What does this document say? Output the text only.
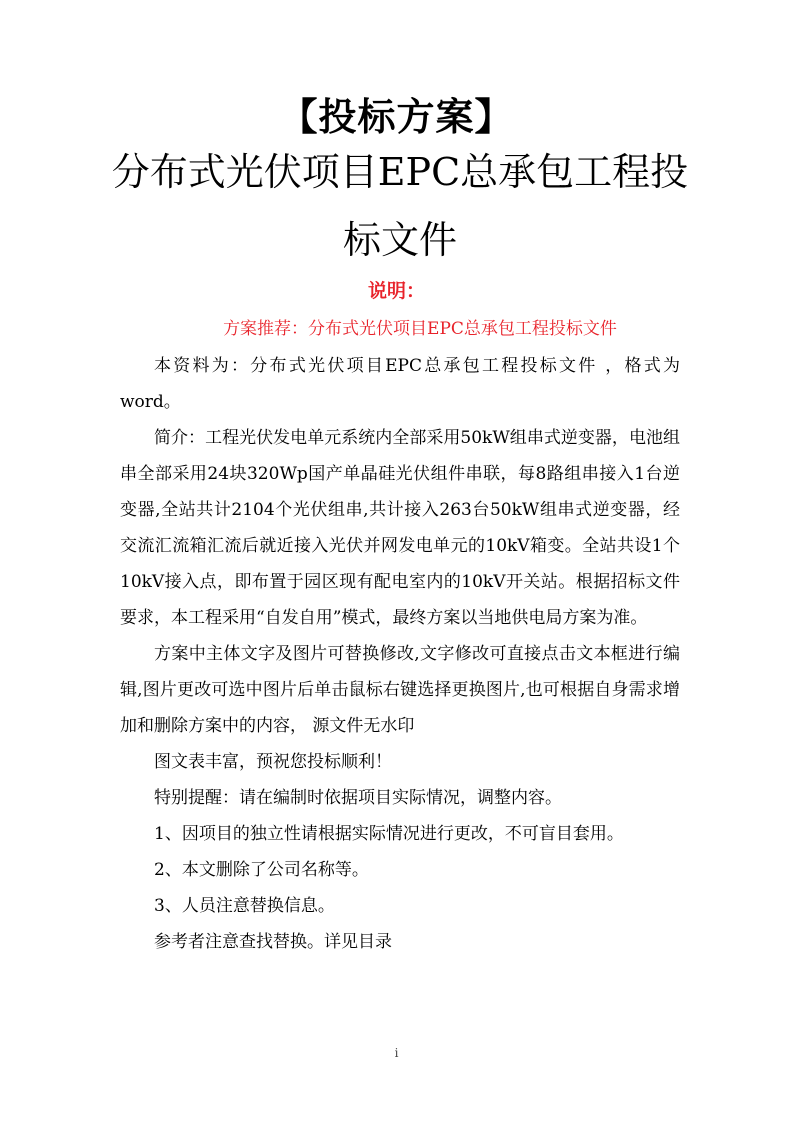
【投标方案】
分布式光伏项目EPC总承包工程投标文件
说明：
方案推荐：分布式光伏项目EPC总承包工程投标文件

本资料为：分布式光伏项目EPC总承包工程投标文件 ，格式为word。

简介：工程光伏发电单元系统内全部采用50kW组串式逆变器，电池组串全部采用24块320Wp国产单晶硅光伏组件串联，每8路组串接入1台逆变器,全站共计2104个光伏组串,共计接入263台50kW组串式逆变器，经交流汇流箱汇流后就近接入光伏并网发电单元的10kV箱变。全站共设1个10kV接入点，即布置于园区现有配电室内的10kV开关站。根据招标文件要求，本工程采用“自发自用”模式，最终方案以当地供电局方案为准。

方案中主体文字及图片可替换修改,文字修改可直接点击文本框进行编辑,图片更改可选中图片后单击鼠标右键选择更换图片,也可根据自身需求增加和删除方案中的内容， 源文件无水印

图文表丰富，预祝您投标顺利！

特别提醒：请在编制时依据项目实际情况，调整内容。

1、因项目的独立性请根据实际情况进行更改，不可盲目套用。

2、本文删除了公司名称等。

3、人员注意替换信息。

参考者注意查找替换。详见目录

i
